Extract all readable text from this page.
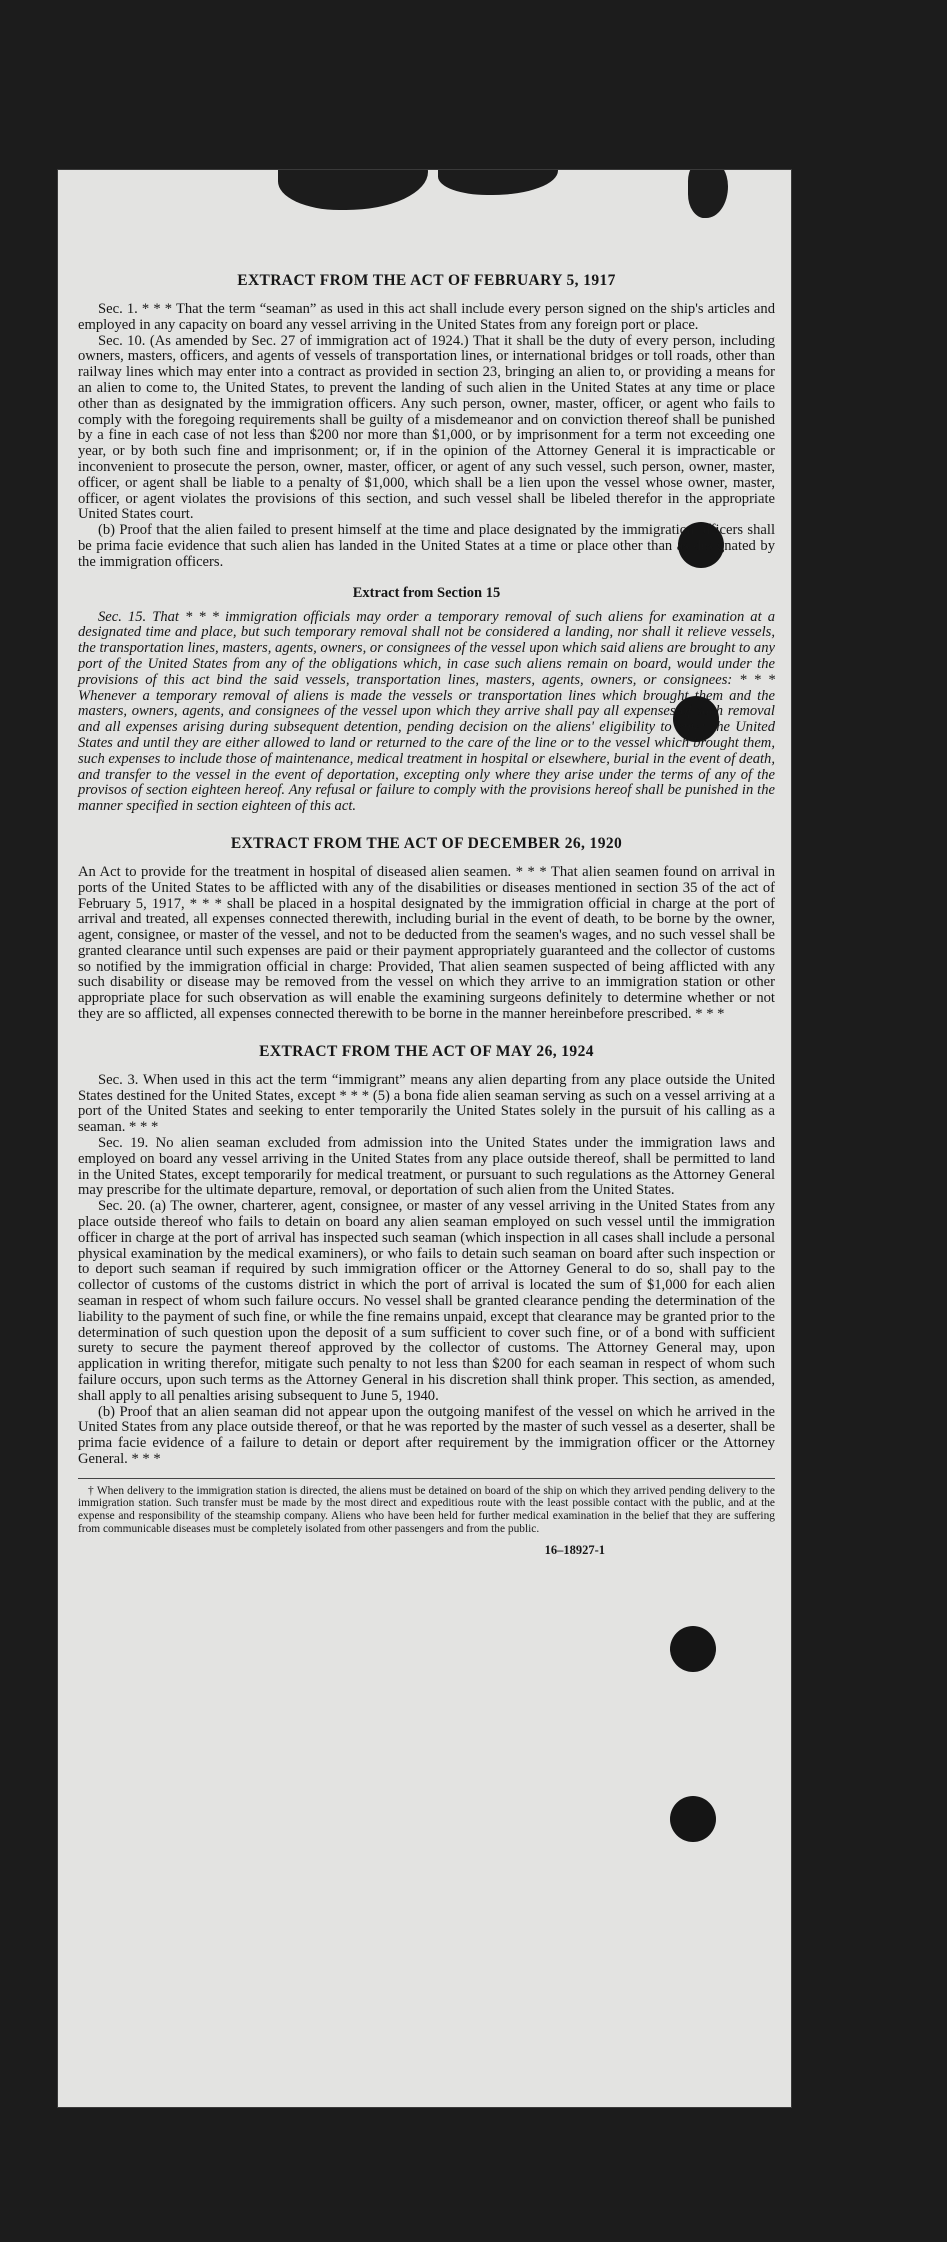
EXTRACT FROM THE ACT OF FEBRUARY 5, 1917

Sec. 1. * * * That the term “seaman” as used in this act shall include every person signed on the ship's articles and employed in any capacity on board any vessel arriving in the United States from any foreign port or place.

Sec. 10. (As amended by Sec. 27 of immigration act of 1924.) That it shall be the duty of every person, including owners, masters, officers, and agents of vessels of transportation lines, or international bridges or toll roads, other than railway lines which may enter into a contract as provided in section 23, bringing an alien to, or providing a means for an alien to come to, the United States, to prevent the landing of such alien in the United States at any time or place other than as designated by the immigration officers. Any such person, owner, master, officer, or agent who fails to comply with the foregoing requirements shall be guilty of a misdemeanor and on conviction thereof shall be punished by a fine in each case of not less than $200 nor more than $1,000, or by imprisonment for a term not exceeding one year, or by both such fine and imprisonment; or, if in the opinion of the Attorney General it is impracticable or inconvenient to prosecute the person, owner, master, officer, or agent of any such vessel, such person, owner, master, officer, or agent shall be liable to a penalty of $1,000, which shall be a lien upon the vessel whose owner, master, officer, or agent violates the provisions of this section, and such vessel shall be libeled therefor in the appropriate United States court.

(b) Proof that the alien failed to present himself at the time and place designated by the immigration officers shall be prima facie evidence that such alien has landed in the United States at a time or place other than as designated by the immigration officers.

Extract from Section 15

Sec. 15. That * * * immigration officials may order a temporary removal of such aliens for examination at a designated time and place, but such temporary removal shall not be considered a landing, nor shall it relieve vessels, the transportation lines, masters, agents, owners, or consignees of the vessel upon which said aliens are brought to any port of the United States from any of the obligations which, in case such aliens remain on board, would under the provisions of this act bind the said vessels, transportation lines, masters, agents, owners, or consignees: * * * Whenever a temporary removal of aliens is made the vessels or transportation lines which brought them and the masters, owners, agents, and consignees of the vessel upon which they arrive shall pay all expenses of such removal and all expenses arising during subsequent detention, pending decision on the aliens' eligibility to enter the United States and until they are either allowed to land or returned to the care of the line or to the vessel which brought them, such expenses to include those of maintenance, medical treatment in hospital or elsewhere, burial in the event of death, and transfer to the vessel in the event of deportation, excepting only where they arise under the terms of any of the provisos of section eighteen hereof. Any refusal or failure to comply with the provisions hereof shall be punished in the manner specified in section eighteen of this act.

EXTRACT FROM THE ACT OF DECEMBER 26, 1920

An Act to provide for the treatment in hospital of diseased alien seamen. * * * That alien seamen found on arrival in ports of the United States to be afflicted with any of the disabilities or diseases mentioned in section 35 of the act of February 5, 1917, * * * shall be placed in a hospital designated by the immigration official in charge at the port of arrival and treated, all expenses connected therewith, including burial in the event of death, to be borne by the owner, agent, consignee, or master of the vessel, and not to be deducted from the seamen's wages, and no such vessel shall be granted clearance until such expenses are paid or their payment appropriately guaranteed and the collector of customs so notified by the immigration official in charge: Provided, That alien seamen suspected of being afflicted with any such disability or disease may be removed from the vessel on which they arrive to an immigration station or other appropriate place for such observation as will enable the examining surgeons definitely to determine whether or not they are so afflicted, all expenses connected therewith to be borne in the manner hereinbefore prescribed. * * *

EXTRACT FROM THE ACT OF MAY 26, 1924

Sec. 3. When used in this act the term “immigrant” means any alien departing from any place outside the United States destined for the United States, except * * * (5) a bona fide alien seaman serving as such on a vessel arriving at a port of the United States and seeking to enter temporarily the United States solely in the pursuit of his calling as a seaman. * * *

Sec. 19. No alien seaman excluded from admission into the United States under the immigration laws and employed on board any vessel arriving in the United States from any place outside thereof, shall be permitted to land in the United States, except temporarily for medical treatment, or pursuant to such regulations as the Attorney General may prescribe for the ultimate departure, removal, or deportation of such alien from the United States.

Sec. 20. (a) The owner, charterer, agent, consignee, or master of any vessel arriving in the United States from any place outside thereof who fails to detain on board any alien seaman employed on such vessel until the immigration officer in charge at the port of arrival has inspected such seaman (which inspection in all cases shall include a personal physical examination by the medical examiners), or who fails to detain such seaman on board after such inspection or to deport such seaman if required by such immigration officer or the Attorney General to do so, shall pay to the collector of customs of the customs district in which the port of arrival is located the sum of $1,000 for each alien seaman in respect of whom such failure occurs. No vessel shall be granted clearance pending the determination of the liability to the payment of such fine, or while the fine remains unpaid, except that clearance may be granted prior to the determination of such question upon the deposit of a sum sufficient to cover such fine, or of a bond with sufficient surety to secure the payment thereof approved by the collector of customs. The Attorney General may, upon application in writing therefor, mitigate such penalty to not less than $200 for each seaman in respect of whom such failure occurs, upon such terms as the Attorney General in his discretion shall think proper. This section, as amended, shall apply to all penalties arising subsequent to June 5, 1940.

(b) Proof that an alien seaman did not appear upon the outgoing manifest of the vessel on which he arrived in the United States from any place outside thereof, or that he was reported by the master of such vessel as a deserter, shall be prima facie evidence of a failure to detain or deport after requirement by the immigration officer or the Attorney General. * * *

† When delivery to the immigration station is directed, the aliens must be detained on board of the ship on which they arrived pending delivery to the immigration station. Such transfer must be made by the most direct and expeditious route with the least possible contact with the public, and at the expense and responsibility of the steamship company. Aliens who have been held for further medical examination in the belief that they are suffering from communicable diseases must be completely isolated from other passengers and from the public.

16–18927-1
